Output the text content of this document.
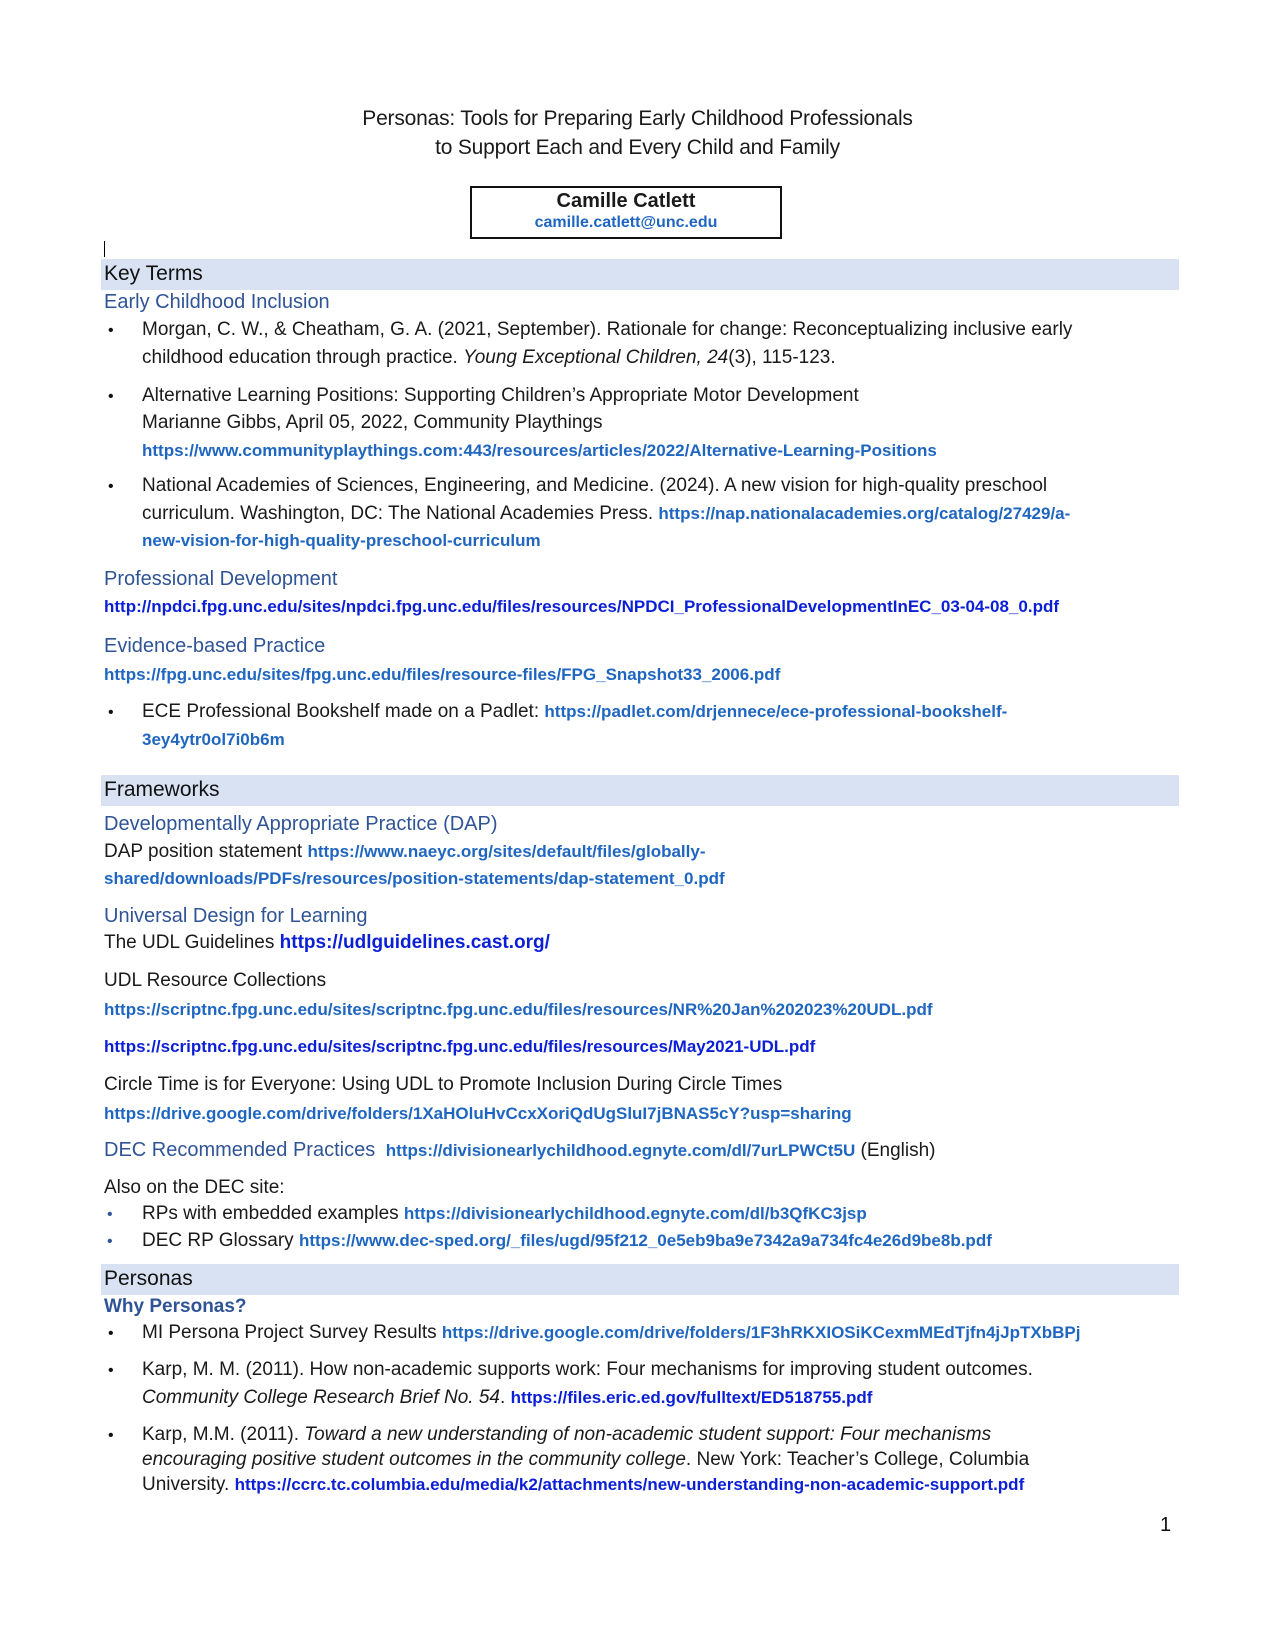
Personas: Tools for Preparing Early Childhood Professionals
to Support Each and Every Child and Family
Camille Catlett
camille.catlett@unc.edu
Key Terms
Early Childhood Inclusion
• Morgan, C. W., & Cheatham, G. A. (2021, September). Rationale for change: Reconceptualizing inclusive early
childhood education through practice. Young Exceptional Children, 24(3), 115-123.
• Alternative Learning Positions: Supporting Children’s Appropriate Motor Development
Marianne Gibbs, April 05, 2022, Community Playthings
https://www.communityplaythings.com:443/resources/articles/2022/Alternative-Learning-Positions
• National Academies of Sciences, Engineering, and Medicine. (2024). A new vision for high-quality preschool
curriculum. Washington, DC: The National Academies Press. https://nap.nationalacademies.org/catalog/27429/a-
new-vision-for-high-quality-preschool-curriculum
Professional Development
http://npdci.fpg.unc.edu/sites/npdci.fpg.unc.edu/files/resources/NPDCI_ProfessionalDevelopmentInEC_03-04-08_0.pdf
Evidence-based Practice
https://fpg.unc.edu/sites/fpg.unc.edu/files/resource-files/FPG_Snapshot33_2006.pdf
• ECE Professional Bookshelf made on a Padlet: https://padlet.com/drjennece/ece-professional-bookshelf-
3ey4ytr0ol7i0b6m
Frameworks
Developmentally Appropriate Practice (DAP)
DAP position statement https://www.naeyc.org/sites/default/files/globally-
shared/downloads/PDFs/resources/position-statements/dap-statement_0.pdf
Universal Design for Learning
The UDL Guidelines https://udlguidelines.cast.org/
UDL Resource Collections
https://scriptnc.fpg.unc.edu/sites/scriptnc.fpg.unc.edu/files/resources/NR%20Jan%202023%20UDL.pdf
https://scriptnc.fpg.unc.edu/sites/scriptnc.fpg.unc.edu/files/resources/May2021-UDL.pdf
Circle Time is for Everyone: Using UDL to Promote Inclusion During Circle Times
https://drive.google.com/drive/folders/1XaHOluHvCcxXoriQdUgSluI7jBNAS5cY?usp=sharing
DEC Recommended Practices https://divisionearlychildhood.egnyte.com/dl/7urLPWCt5U (English)
Also on the DEC site:
• RPs with embedded examples https://divisionearlychildhood.egnyte.com/dl/b3QfKC3jsp
• DEC RP Glossary https://www.dec-sped.org/_files/ugd/95f212_0e5eb9ba9e7342a9a734fc4e26d9be8b.pdf
Personas
Why Personas?
• MI Persona Project Survey Results https://drive.google.com/drive/folders/1F3hRKXIOSiKCexmMEdTjfn4jJpTXbBPj
• Karp, M. M. (2011). How non-academic supports work: Four mechanisms for improving student outcomes.
Community College Research Brief No. 54. https://files.eric.ed.gov/fulltext/ED518755.pdf
• Karp, M.M. (2011). Toward a new understanding of non-academic student support: Four mechanisms
encouraging positive student outcomes in the community college. New York: Teacher’s College, Columbia
University. https://ccrc.tc.columbia.edu/media/k2/attachments/new-understanding-non-academic-support.pdf
1
